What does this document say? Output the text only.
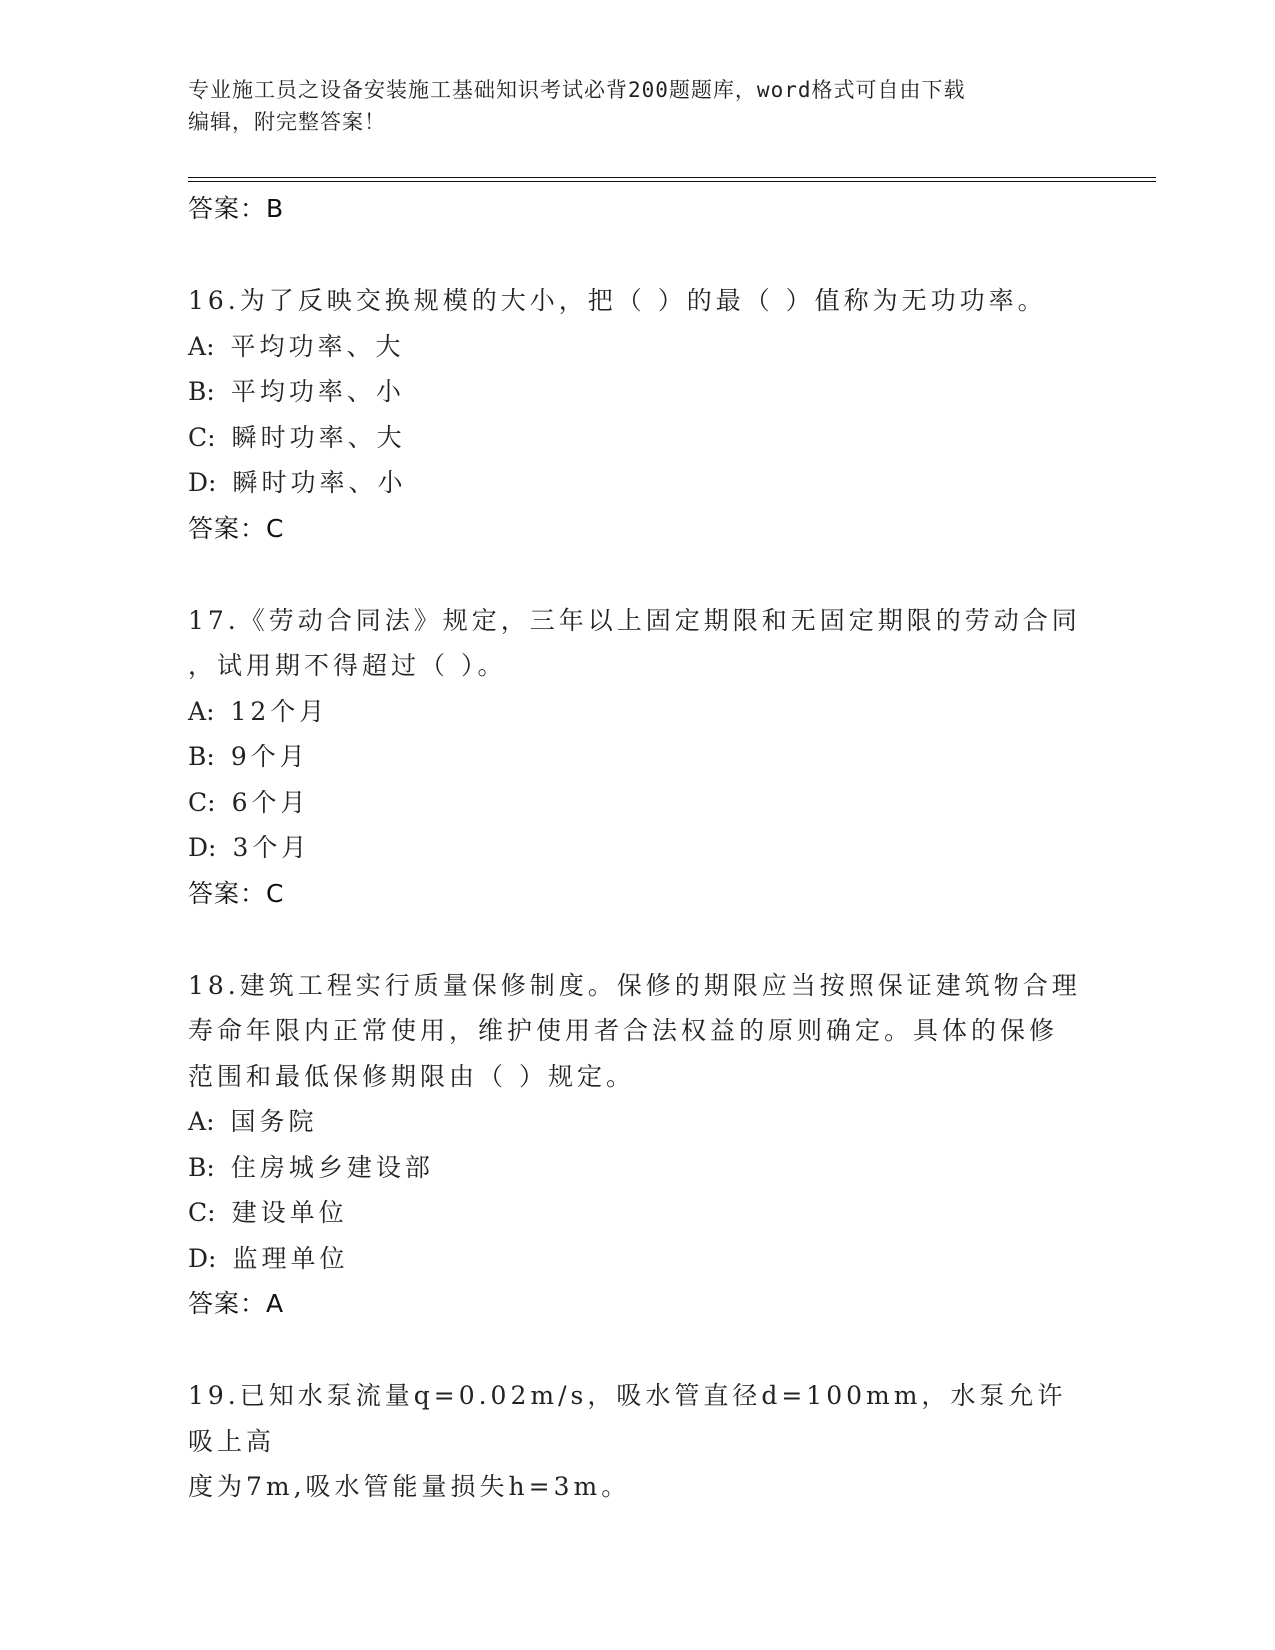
专业施工员之设备安装施工基础知识考试必背200题题库，word格式可自由下载
编辑，附完整答案！
答案：B
16.为了反映交换规模的大小，把（ ）的最（ ）值称为无功功率。
A: 平均功率、大
B: 平均功率、小
C: 瞬时功率、大
D: 瞬时功率、小
答案：C
17.《劳动合同法》规定，三年以上固定期限和无固定期限的劳动合同
，试用期不得超过（ ）。
A: 12个月
B: 9个月
C: 6个月
D: 3个月
答案：C
18.建筑工程实行质量保修制度。保修的期限应当按照保证建筑物合理
寿命年限内正常使用，维护使用者合法权益的原则确定。具体的保修
范围和最低保修期限由（ ）规定。
A: 国务院
B: 住房城乡建设部
C: 建设单位
D: 监理单位
答案：A
19.已知水泵流量q=0.02m/s，吸水管直径d=100mm，水泵允许吸上高
度为7m,吸水管能量损失h=3m。
